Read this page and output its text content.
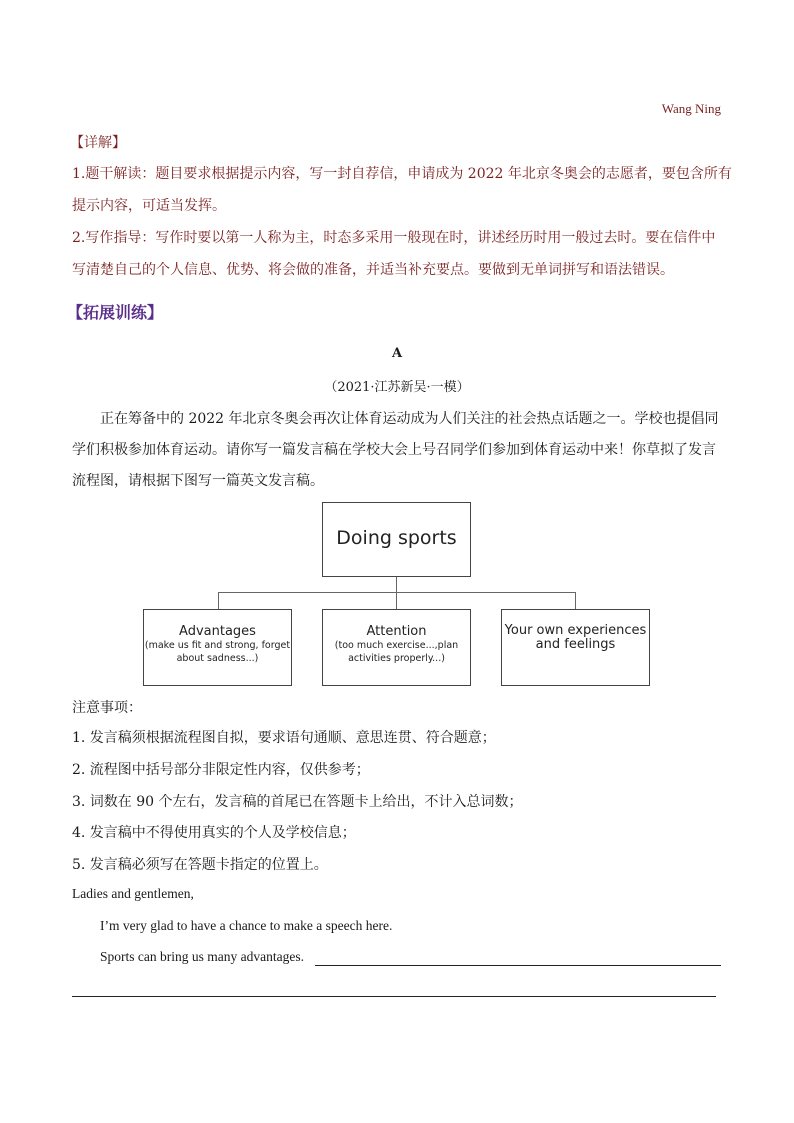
Wang Ning
【详解】
1.题干解读：题目要求根据提示内容，写一封自荐信，申请成为 2022 年北京冬奥会的志愿者，要包含所有
提示内容，可适当发挥。
2.写作指导：写作时要以第一人称为主，时态多采用一般现在时，讲述经历时用一般过去时。要在信件中
写清楚自己的个人信息、优势、将会做的准备，并适当补充要点。要做到无单词拼写和语法错误。
【拓展训练】
A
（2021·江苏新吴·一模）
正在筹备中的 2022 年北京冬奥会再次让体育运动成为人们关注的社会热点话题之一。学校也提倡同
学们积极参加体育运动。请你写一篇发言稿在学校大会上号召同学们参加到体育运动中来！你草拟了发言
流程图，请根据下图写一篇英文发言稿。
Doing sports
Advantages
(make us fit and strong, forget
about sadness...)
Attention
(too much exercise...,plan
activities properly...)
Your own experiences
and feelings
注意事项：
1. 发言稿须根据流程图自拟，要求语句通顺、意思连贯、符合题意；
2. 流程图中括号部分非限定性内容，仅供参考；
3. 词数在 90 个左右，发言稿的首尾已在答题卡上给出，不计入总词数；
4. 发言稿中不得使用真实的个人及学校信息；
5. 发言稿必须写在答题卡指定的位置上。
Ladies and gentlemen,
I’m very glad to have a chance to make a speech here.
Sports can bring us many advantages.
